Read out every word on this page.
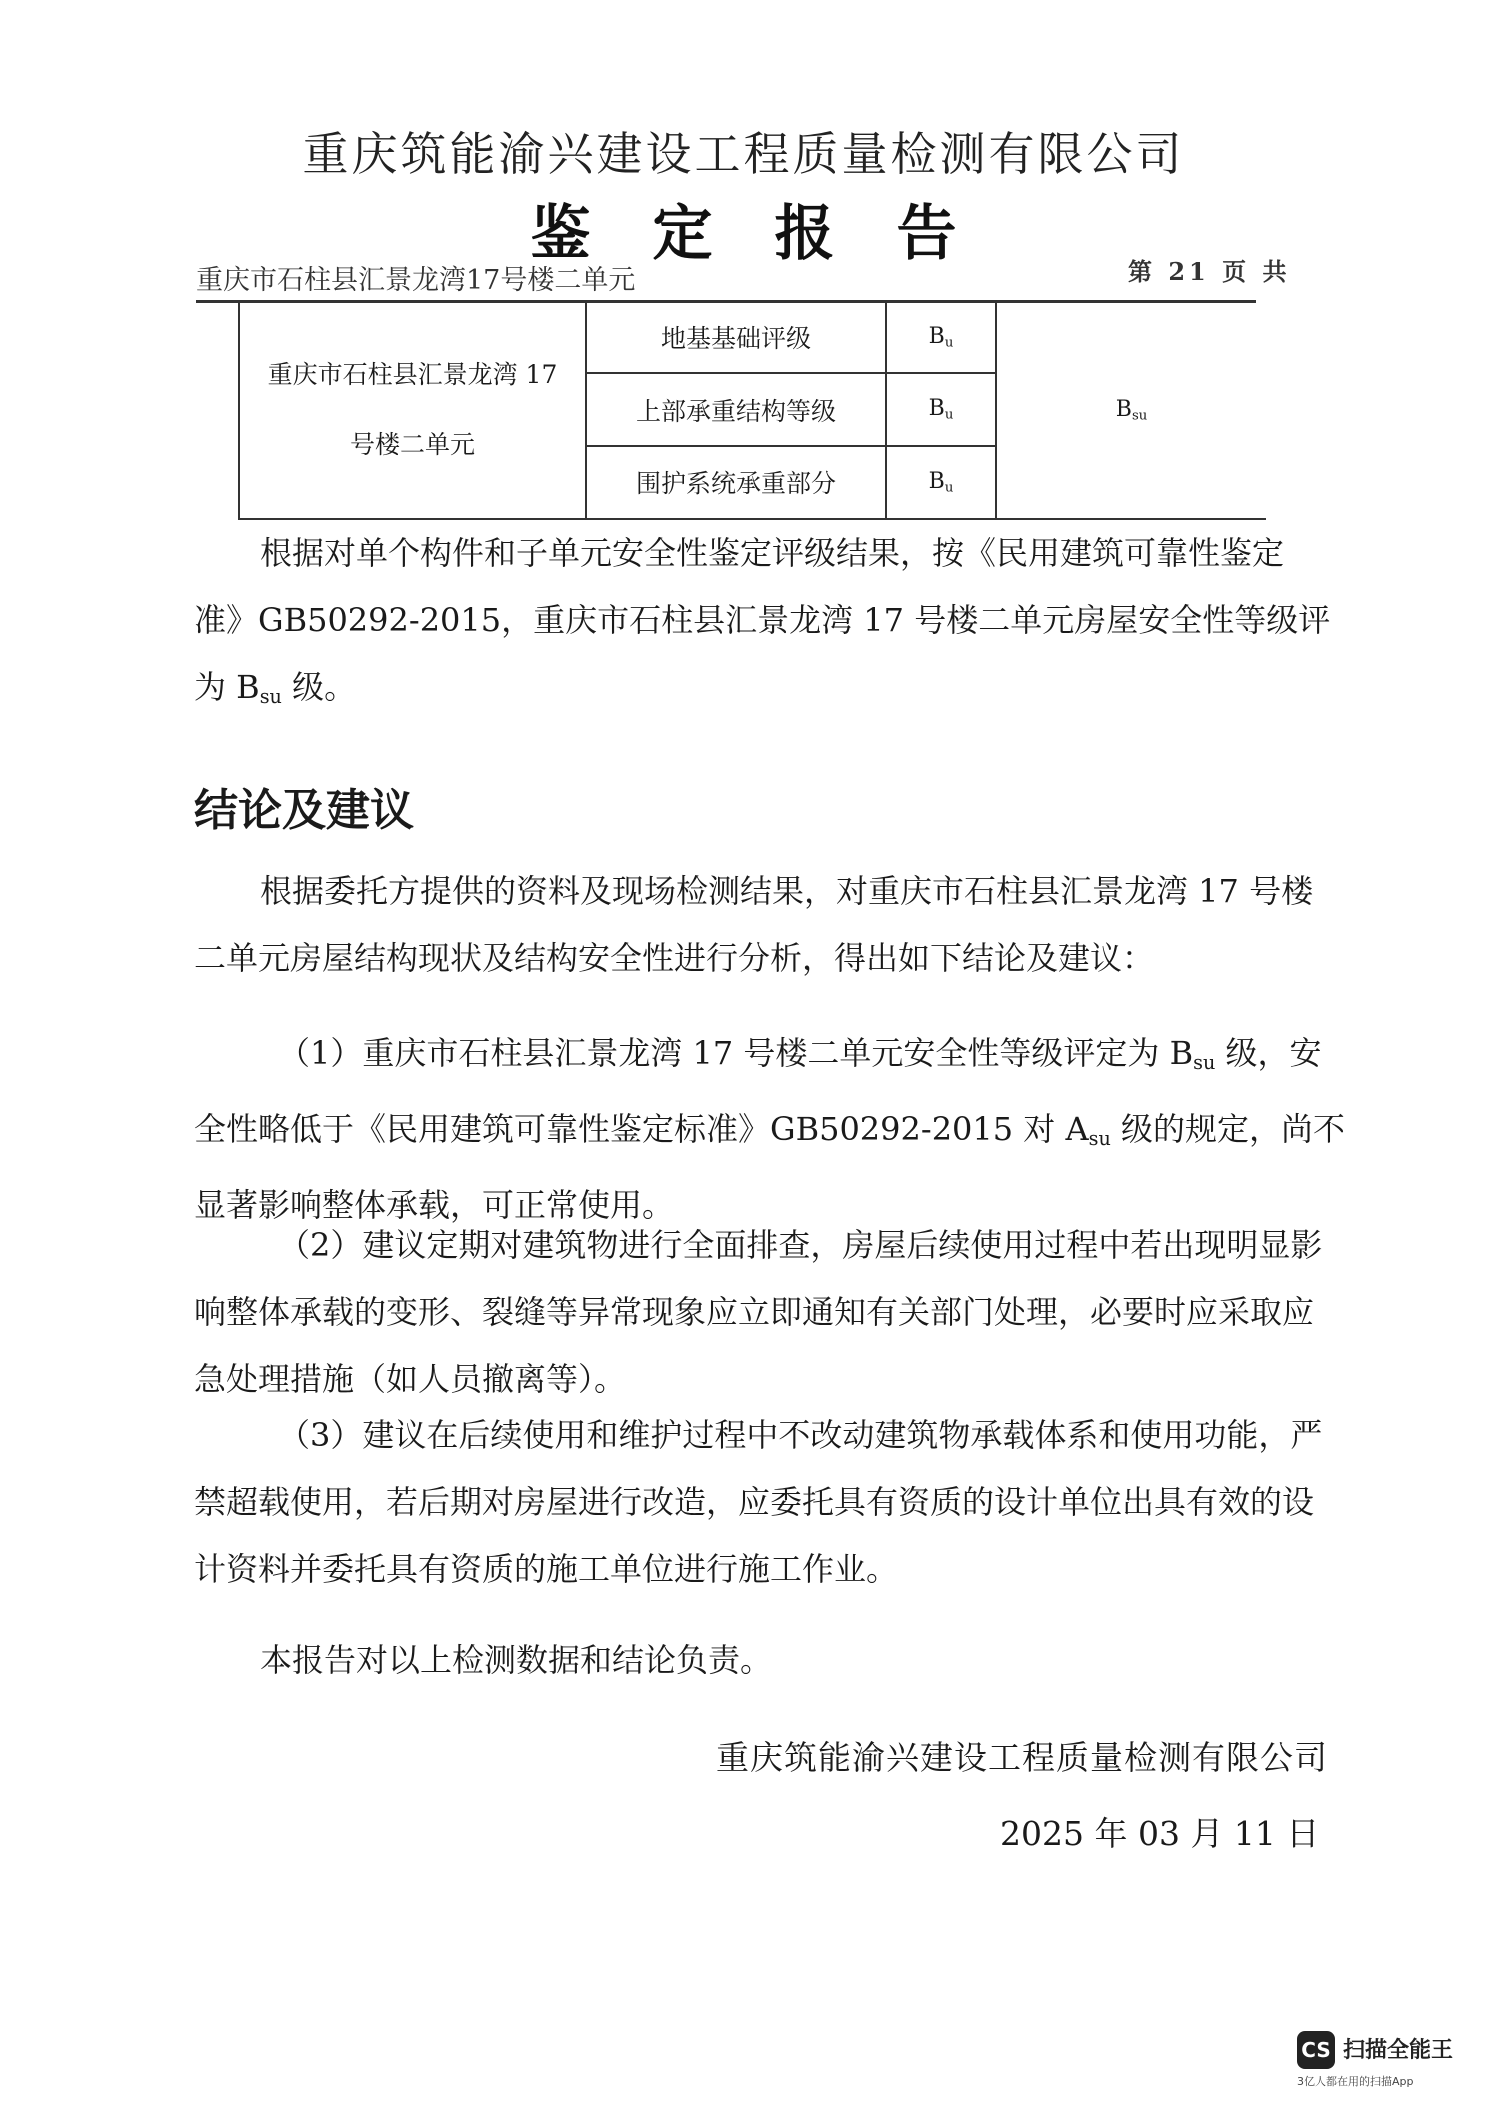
重庆筑能渝兴建设工程质量检测有限公司
鉴定报告
重庆市石柱县汇景龙湾17号楼二单元	第 21 页 共
重庆市石柱县汇景龙湾 17
号楼二单元	地基基础评级	$B_u$	$B_{su}$
	上部承重结构等级	$B_u$
	围护系统承重部分	$B_u$
根据对单个构件和子单元安全性鉴定评级结果，按《民用建筑可靠性鉴定
准》GB50292-2015，重庆市石柱县汇景龙湾 17 号楼二单元房屋安全性等级评
为 $B_{su}$ 级。
结论及建议
根据委托方提供的资料及现场检测结果，对重庆市石柱县汇景龙湾 17 号楼
二单元房屋结构现状及结构安全性进行分析，得出如下结论及建议：
（1）重庆市石柱县汇景龙湾 17 号楼二单元安全性等级评定为 $B_{su}$ 级，安
全性略低于《民用建筑可靠性鉴定标准》GB50292-2015 对 $A_{su}$ 级的规定，尚不
显著影响整体承载，可正常使用。
（2）建议定期对建筑物进行全面排查，房屋后续使用过程中若出现明显影
响整体承载的变形、裂缝等异常现象应立即通知有关部门处理，必要时应采取应
急处理措施（如人员撤离等）。
（3）建议在后续使用和维护过程中不改动建筑物承载体系和使用功能，严
禁超载使用，若后期对房屋进行改造，应委托具有资质的设计单位出具有效的设
计资料并委托具有资质的施工单位进行施工作业。
本报告对以上检测数据和结论负责。
重庆筑能渝兴建设工程质量检测有限公司
2025 年 03 月 11 日
CS 扫描全能王
3亿人都在用的扫描App
